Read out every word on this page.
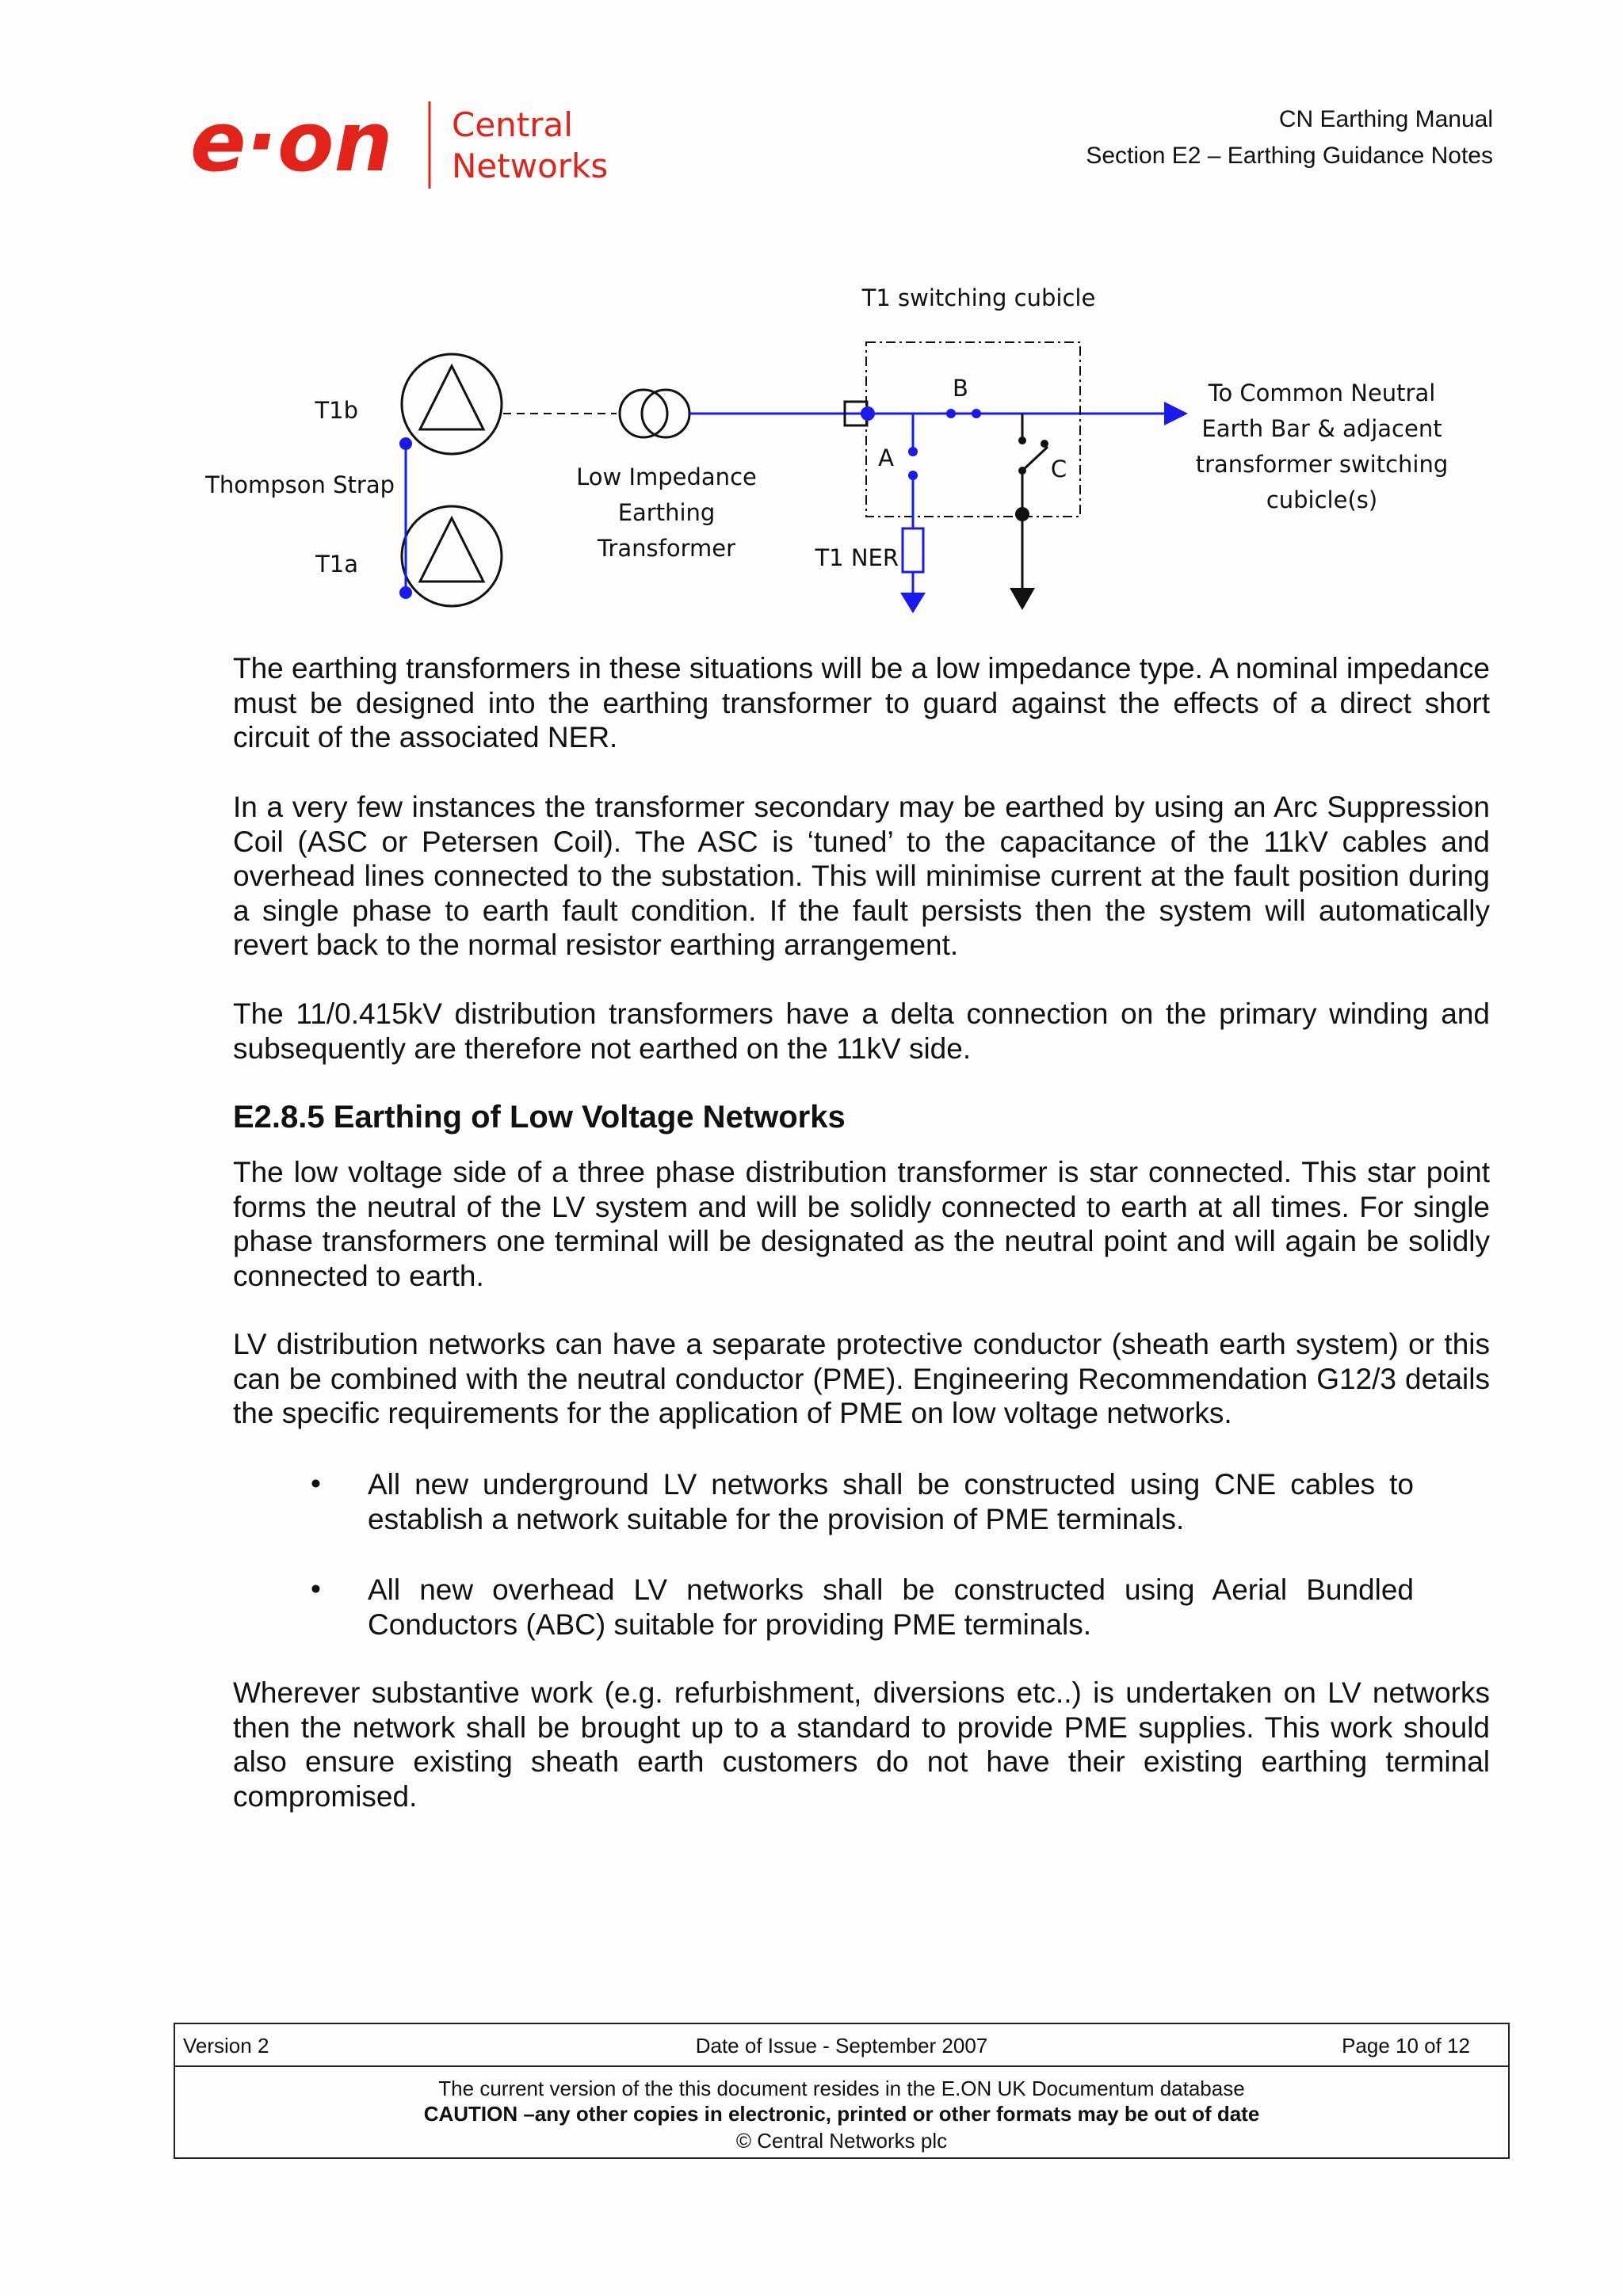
e·on Central
Networks
CN Earthing Manual
Section E2 – Earthing Guidance Notes
T1 switching cubicle
T1b
Thompson Strap
T1a
Low Impedance
Earthing
Transformer	T1 NER
A
B
C
To Common Neutral
Earth Bar & adjacent
transformer switching
cubicle(s)

The earthing transformers in these situations will be a low impedance type. A nominal impedance must be designed into the earthing transformer to guard against the effects of a direct short circuit of the associated NER.

In a very few instances the transformer secondary may be earthed by using an Arc Suppression Coil (ASC or Petersen Coil). The ASC is ‘tuned’ to the capacitance of the 11kV cables and overhead lines connected to the substation. This will minimise current at the fault position during a single phase to earth fault condition. If the fault persists then the system will automatically revert back to the normal resistor earthing arrangement.

The 11/0.415kV distribution transformers have a delta connection on the primary winding and subsequently are therefore not earthed on the 11kV side.

E2.8.5 Earthing of Low Voltage Networks

The low voltage side of a three phase distribution transformer is star connected. This star point forms the neutral of the LV system and will be solidly connected to earth at all times. For single phase transformers one terminal will be designated as the neutral point and will again be solidly connected to earth.

LV distribution networks can have a separate protective conductor (sheath earth system) or this can be combined with the neutral conductor (PME). Engineering Recommendation G12/3 details the specific requirements for the application of PME on low voltage networks.

• All new underground LV networks shall be constructed using CNE cables to establish a network suitable for the provision of PME terminals.

• All new overhead LV networks shall be constructed using Aerial Bundled Conductors (ABC) suitable for providing PME terminals.

Wherever substantive work (e.g. refurbishment, diversions etc..) is undertaken on LV networks then the network shall be brought up to a standard to provide PME supplies. This work should also ensure existing sheath earth customers do not have their existing earthing terminal compromised.

Version 2	Date of Issue - September 2007	Page 10 of 12
The current version of the this document resides in the E.ON UK Documentum database
CAUTION –any other copies in electronic, printed or other formats may be out of date
© Central Networks plc
